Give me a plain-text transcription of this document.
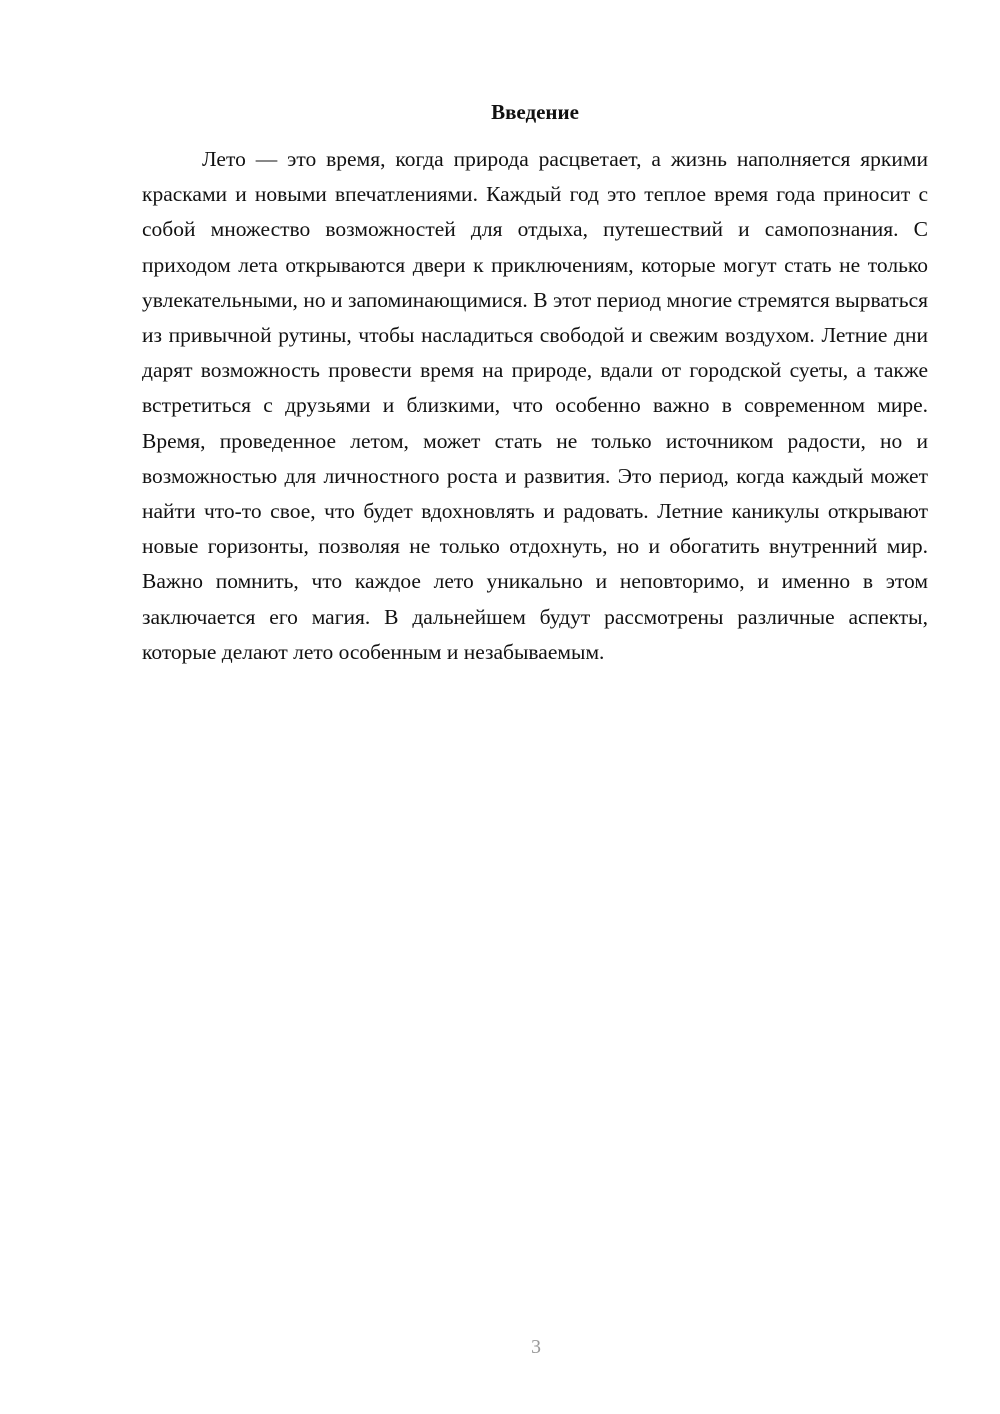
Введение

Лето — это время, когда природа расцветает, а жизнь наполняется яркими красками и новыми впечатлениями. Каждый год это теплое время года приносит с собой множество возможностей для отдыха, путешествий и самопознания. С приходом лета открываются двери к приключениям, которые могут стать не только увлекательными, но и запоминающимися. В этот период многие стремятся вырваться из привычной рутины, чтобы насладиться свободой и свежим воздухом. Летние дни дарят возможность провести время на природе, вдали от городской суеты, а также встретиться с друзьями и близкими, что особенно важно в современном мире. Время, проведенное летом, может стать не только источником радости, но и возможностью для личностного роста и развития. Это период, когда каждый может найти что-то свое, что будет вдохновлять и радовать. Летние каникулы открывают новые горизонты, позволяя не только отдохнуть, но и обогатить внутренний мир. Важно помнить, что каждое лето уникально и неповторимо, и именно в этом заключается его магия. В дальнейшем будут рассмотрены различные аспекты, которые делают лето особенным и незабываемым.

3
